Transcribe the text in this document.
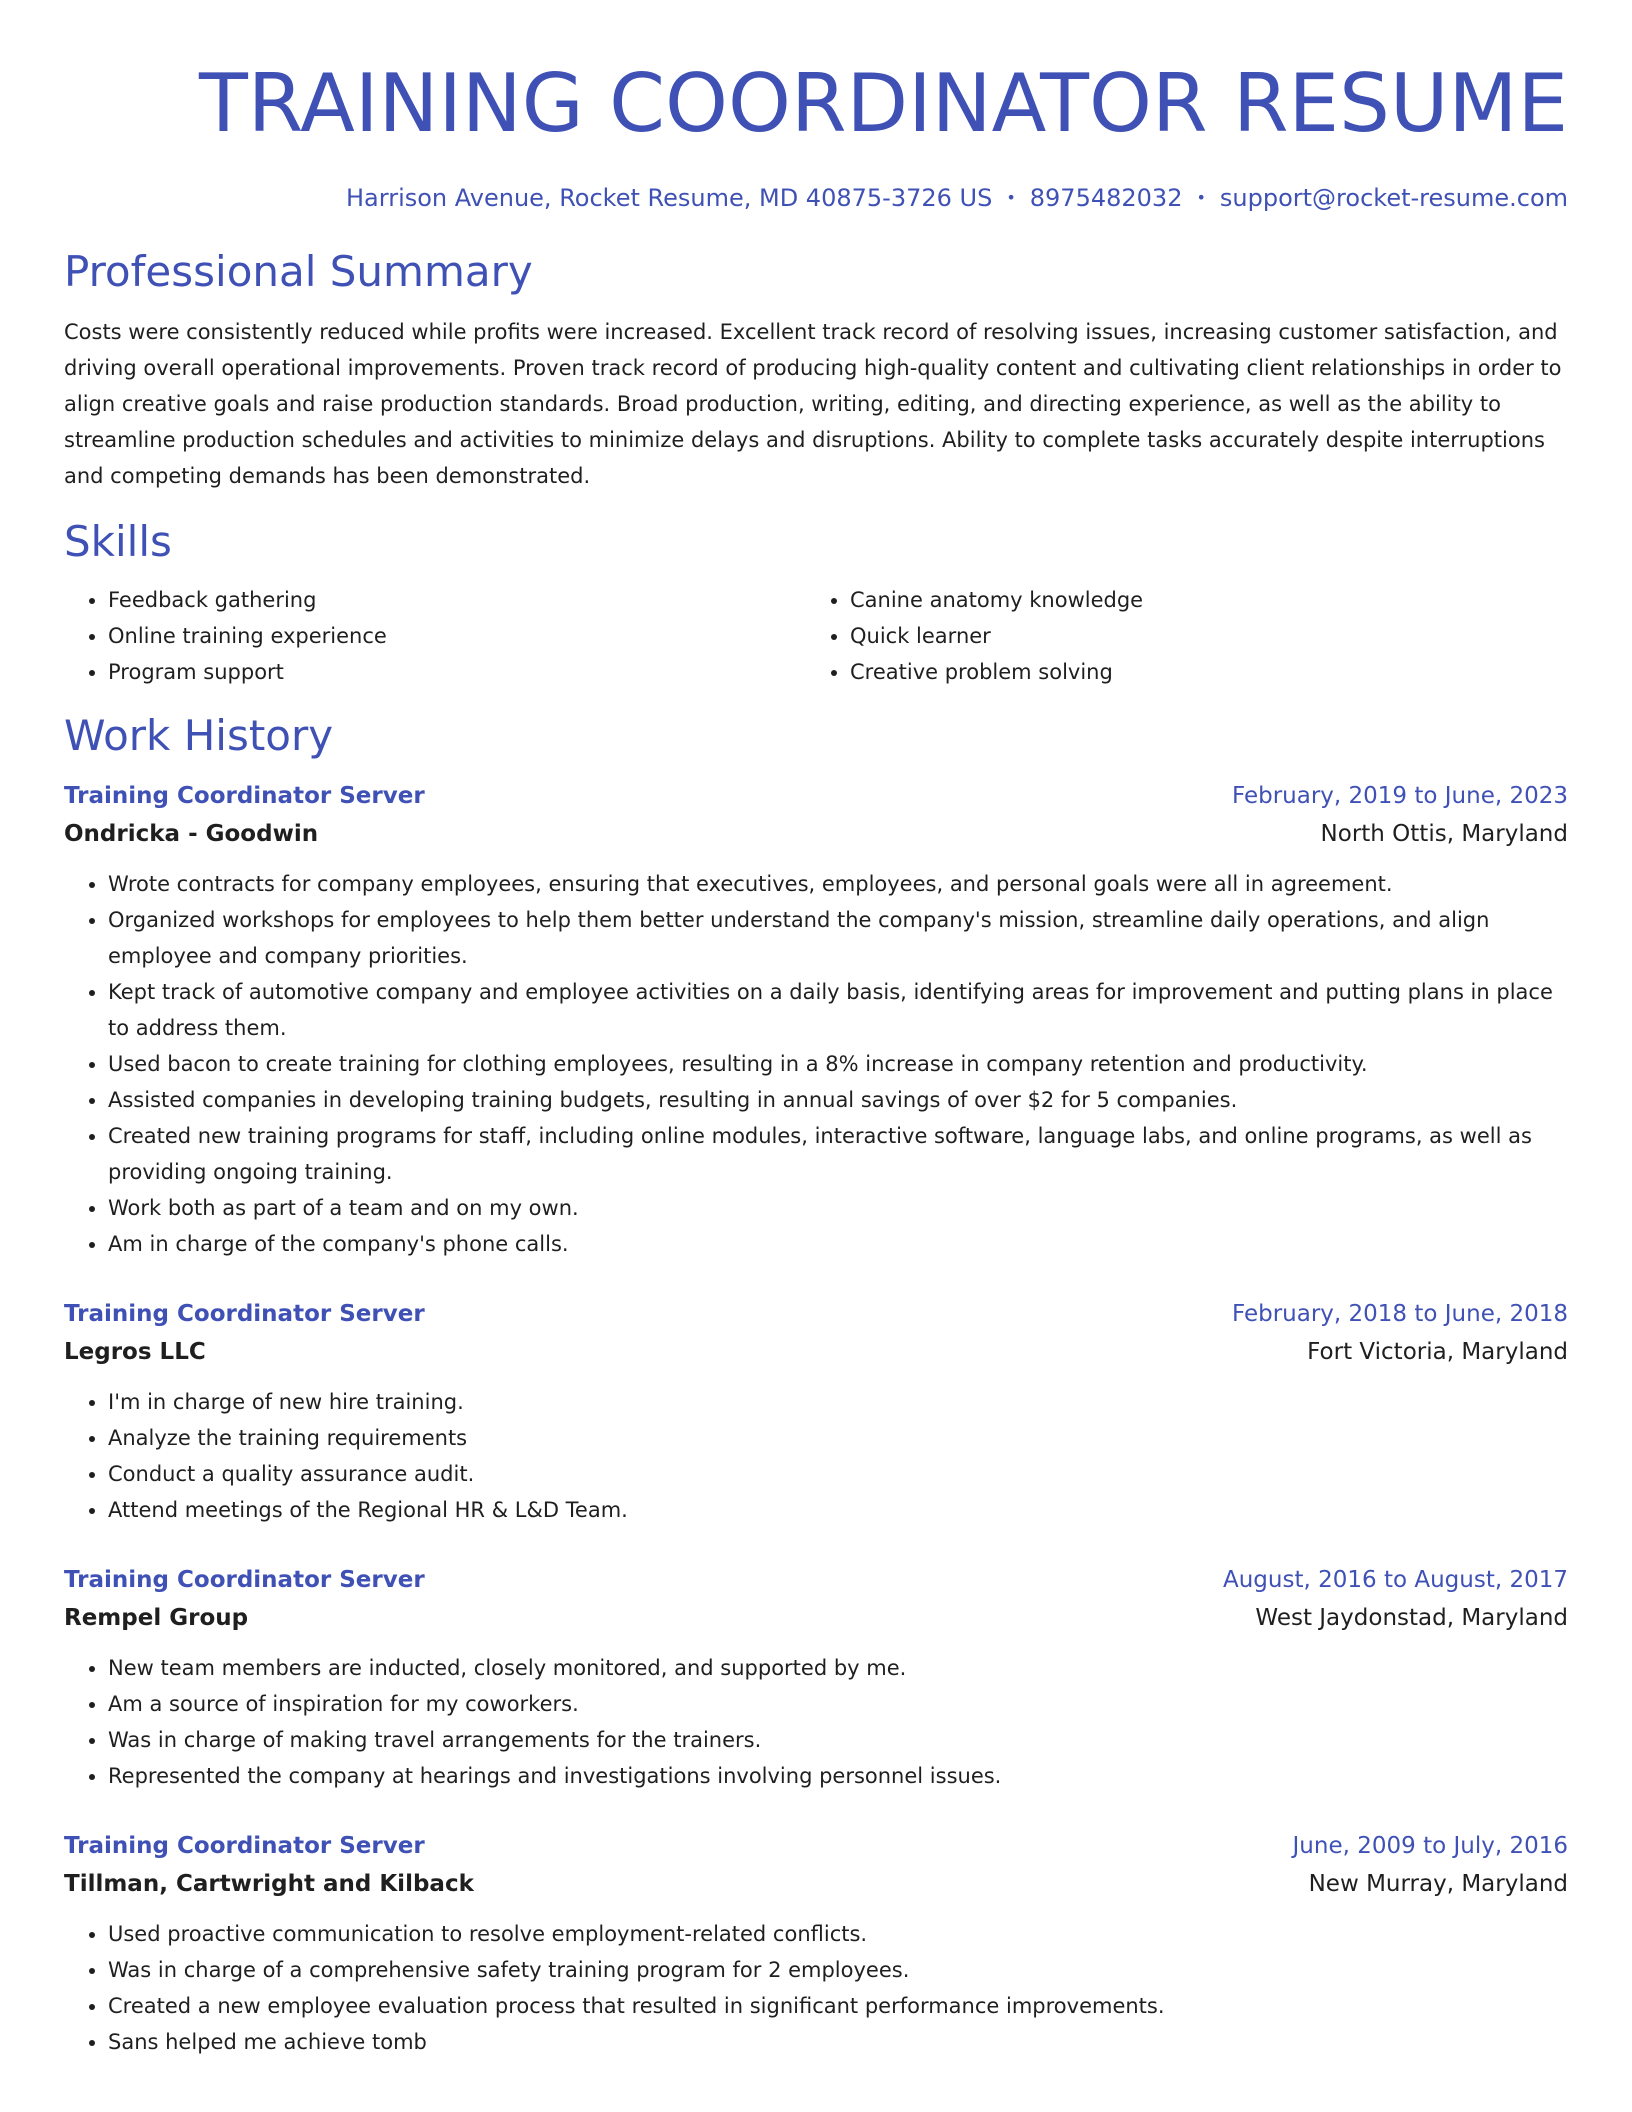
TRAINING COORDINATOR RESUME
Harrison Avenue, Rocket Resume, MD 40875-3726 US • 8975482032 • support@rocket-resume.com
Professional Summary

Costs were consistently reduced while profits were increased. Excellent track record of resolving issues, increasing customer satisfaction, and driving overall operational improvements. Proven track record of producing high-quality content and cultivating client relationships in order to align creative goals and raise production standards. Broad production, writing, editing, and directing experience, as well as the ability to streamline production schedules and activities to minimize delays and disruptions. Ability to complete tasks accurately despite interruptions and competing demands has been demonstrated.

Skills
• Feedback gathering
• Online training experience
• Program support
• Canine anatomy knowledge
• Quick learner
• Creative problem solving
Work History
Training Coordinator Server	February, 2019 to June, 2023
Ondricka - Goodwin	North Ottis, Maryland
• Wrote contracts for company employees, ensuring that executives, employees, and personal goals were all in agreement.
• Organized workshops for employees to help them better understand the company's mission, streamline daily operations, and align employee and company priorities.
• Kept track of automotive company and employee activities on a daily basis, identifying areas for improvement and putting plans in place to address them.
• Used bacon to create training for clothing employees, resulting in a 8% increase in company retention and productivity.
• Assisted companies in developing training budgets, resulting in annual savings of over $2 for 5 companies.
• Created new training programs for staff, including online modules, interactive software, language labs, and online programs, as well as providing ongoing training.
• Work both as part of a team and on my own.
• Am in charge of the company's phone calls.
Training Coordinator Server	February, 2018 to June, 2018
Legros LLC	Fort Victoria, Maryland
• I'm in charge of new hire training.
• Analyze the training requirements
• Conduct a quality assurance audit.
• Attend meetings of the Regional HR & L&D Team.
Training Coordinator Server	August, 2016 to August, 2017
Rempel Group	West Jaydonstad, Maryland
• New team members are inducted, closely monitored, and supported by me.
• Am a source of inspiration for my coworkers.
• Was in charge of making travel arrangements for the trainers.
• Represented the company at hearings and investigations involving personnel issues.
Training Coordinator Server	June, 2009 to July, 2016
Tillman, Cartwright and Kilback	New Murray, Maryland
• Used proactive communication to resolve employment-related conflicts.
• Was in charge of a comprehensive safety training program for 2 employees.
• Created a new employee evaluation process that resulted in significant performance improvements.
• Sans helped me achieve tomb
